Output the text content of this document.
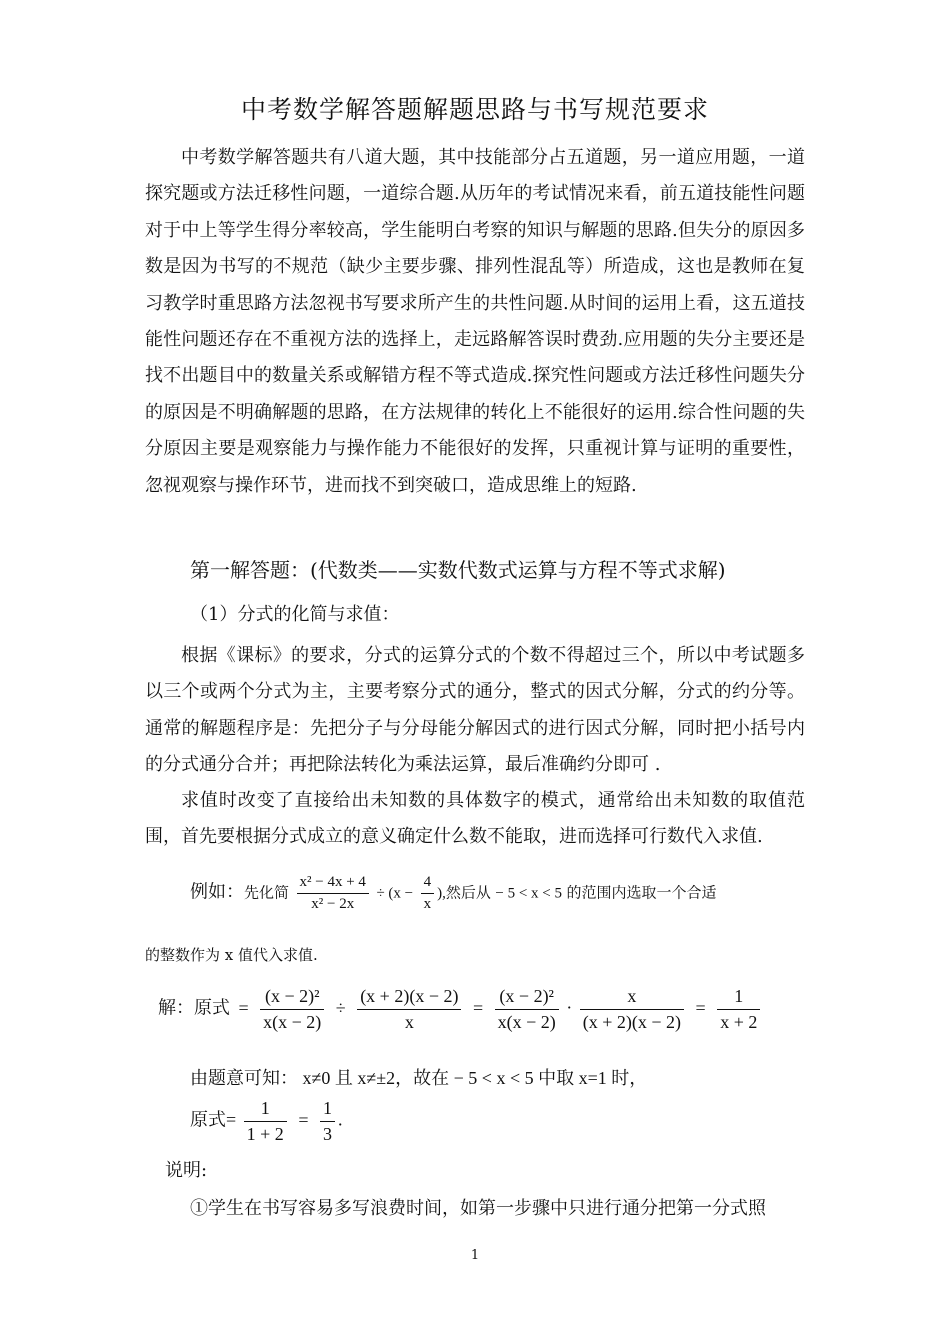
中考数学解答题解题思路与书写规范要求

中考数学解答题共有八道大题，其中技能部分占五道题，另一道应用题，一道探究题或方法迁移性问题，一道综合题.从历年的考试情况来看，前五道技能性问题对于中上等学生得分率较高，学生能明白考察的知识与解题的思路.但失分的原因多数是因为书写的不规范（缺少主要步骤、排列性混乱等）所造成，这也是教师在复习教学时重思路方法忽视书写要求所产生的共性问题.从时间的运用上看，这五道技能性问题还存在不重视方法的选择上，走远路解答误时费劲.应用题的失分主要还是找不出题目中的数量关系或解错方程不等式造成.探究性问题或方法迁移性问题失分的原因是不明确解题的思路，在方法规律的转化上不能很好的运用.综合性问题的失分原因主要是观察能力与操作能力不能很好的发挥，只重视计算与证明的重要性，忽视观察与操作环节，进而找不到突破口，造成思维上的短路.

第一解答题：(代数类——实数代数式运算与方程不等式求解)

（1）分式的化简与求值：

根据《课标》的要求，分式的运算分式的个数不得超过三个，所以中考试题多以三个或两个分式为主，主要考察分式的通分，整式的因式分解，分式的约分等。通常的解题程序是：先把分子与分母能分解因式的进行因式分解，同时把小括号内的分式通分合并；再把除法转化为乘法运算，最后准确约分即可 .

求值时改变了直接给出未知数的具体数字的模式，通常给出未知数的取值范围，首先要根据分式成立的意义确定什么数不能取，进而选择可行数代入求值.

例如：先化简 $\frac{\text{x² − 4x + 4}}{\text{x² − 2x}} \div (x - \frac{4}{x}$ ),然后从 − 5 < x < 5 的范围内选取一个合适

的整数作为 x 值代入求值.

解：原式 = $\frac{\text{(x − 2)²}}{x(x - 2)} \div \frac{(x + 2)(x - 2)}{x} = \frac{\text{(x − 2)²}}{x(x - 2)} \cdot \frac{x}{(x + 2)(x - 2)} = \frac{1}{x + 2}$
由题意可知： x≠0 且 x≠±2，故在 − 5 < x < 5 中取 x=1 时，
原式= $\frac{1}{1 + 2} = \frac{1}{3}$ .

说明:

①学生在书写容易多写浪费时间，如第一步骤中只进行通分把第一分式照

1
